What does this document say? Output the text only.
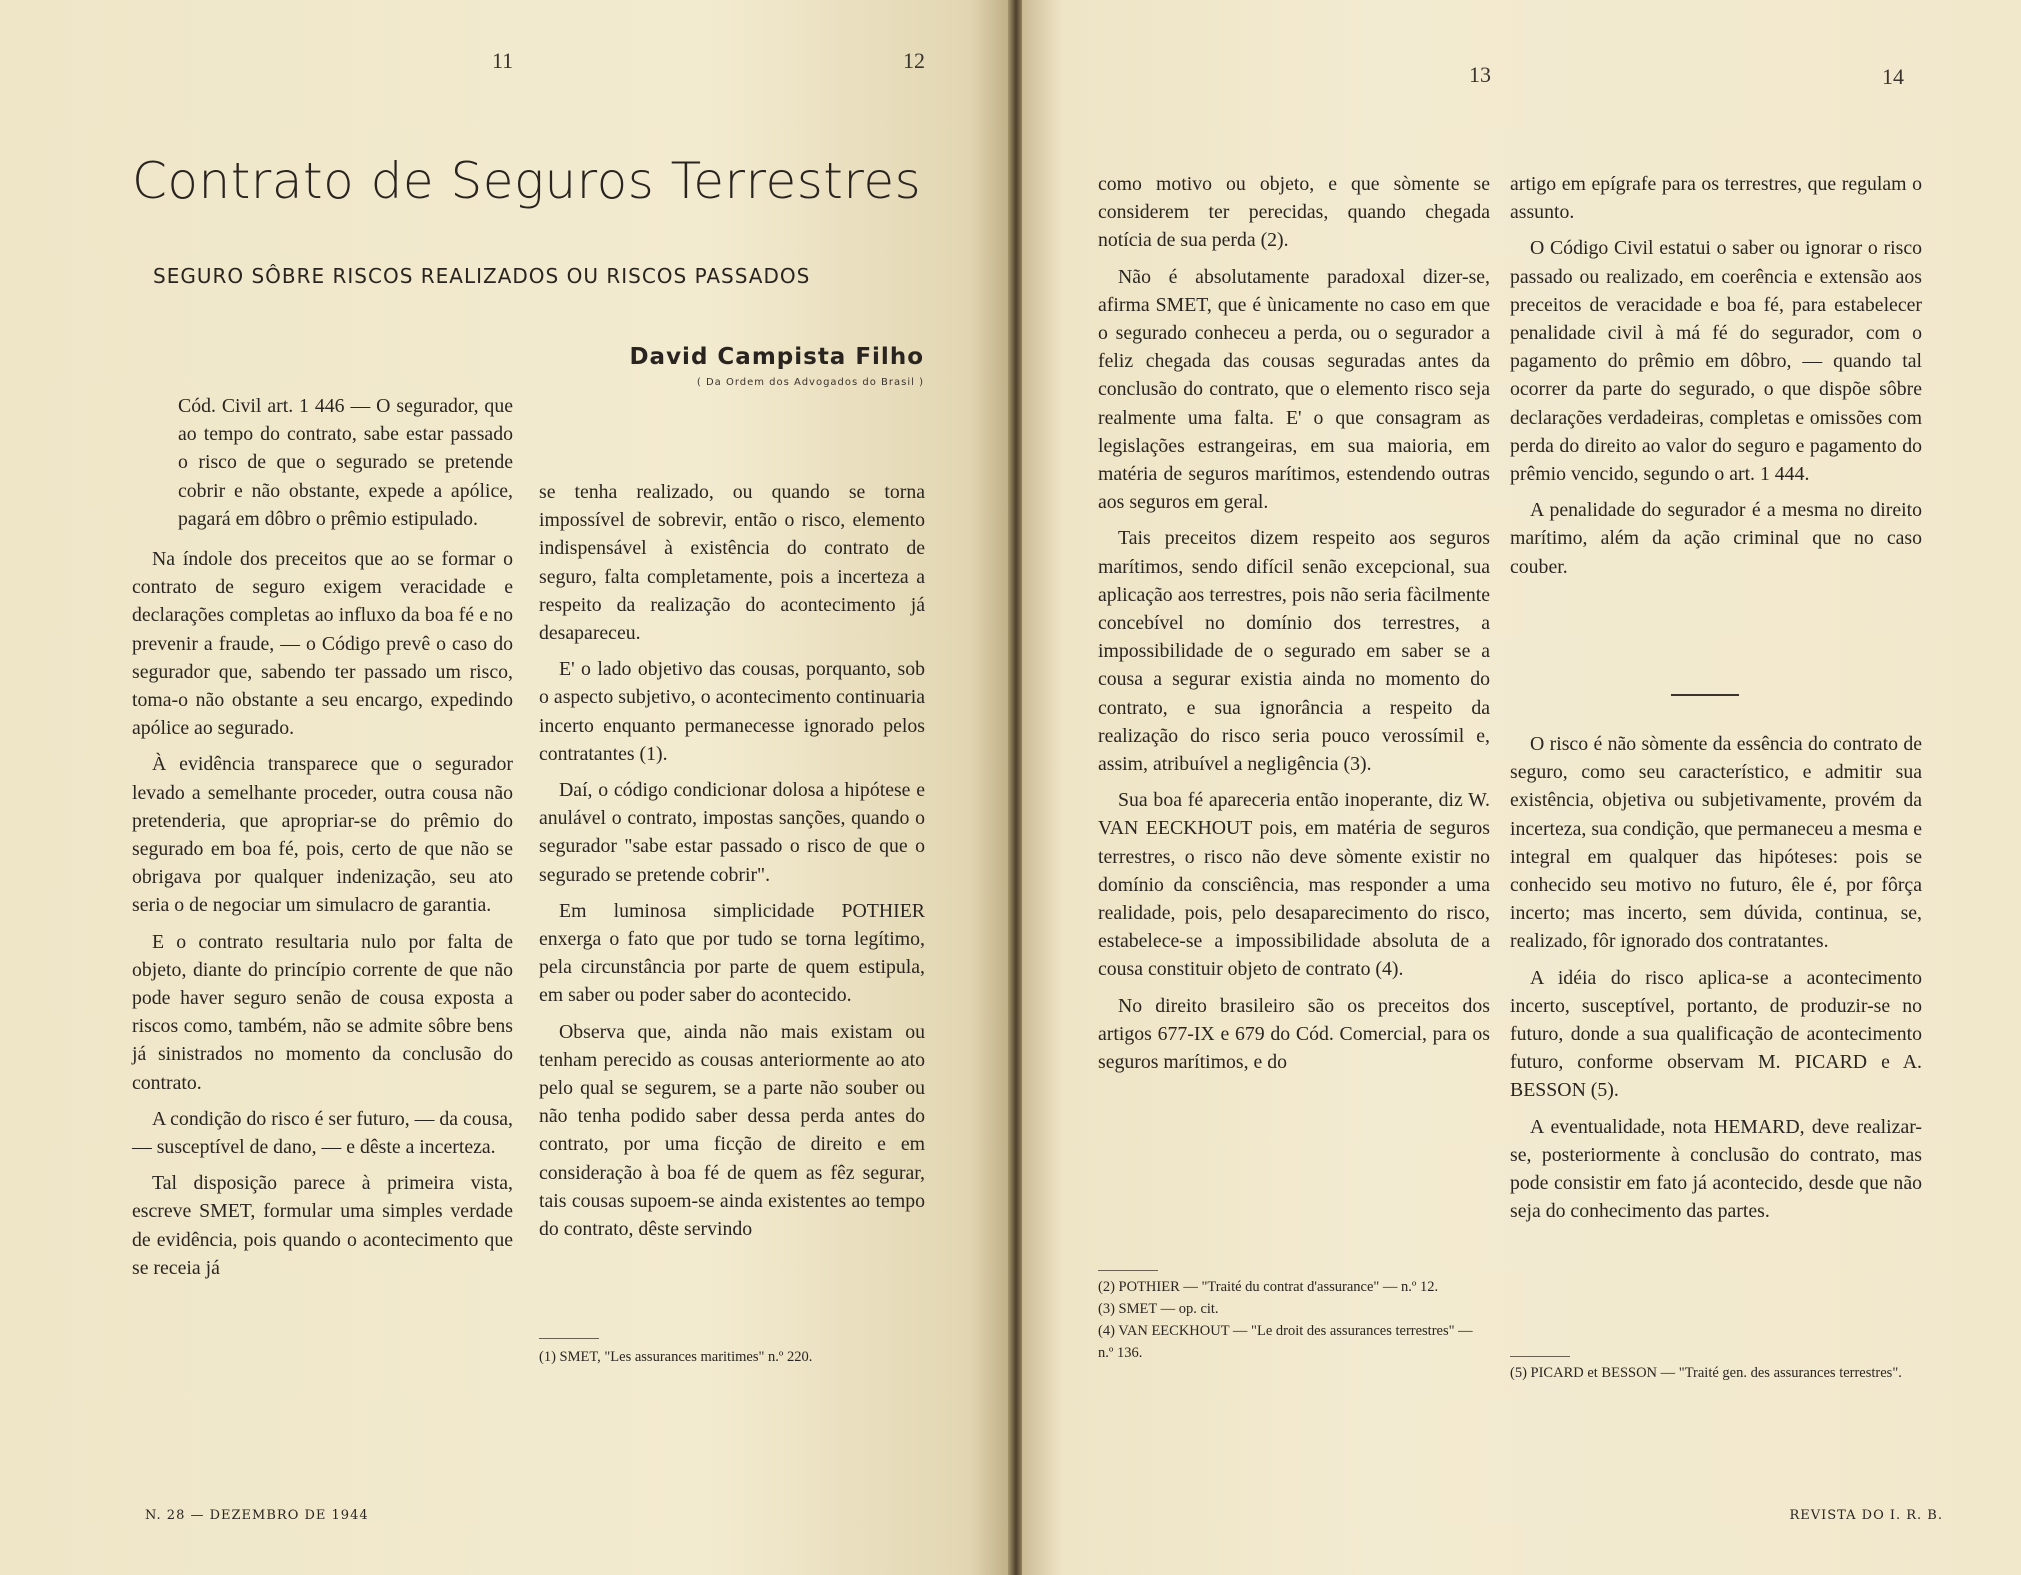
11	12
Contrato de Seguros Terrestres
SEGURO SÔBRE RISCOS REALIZADOS OU RISCOS PASSADOS
David Campista Filho
( Da Ordem dos Advogados do Brasil )

Cód. Civil art. 1 446 — O segurador, que ao tempo do contrato, sabe estar passado o risco de que o segurado se pretende cobrir e não obstante, expede a apólice, pagará em dôbro o prêmio estipulado.

Na índole dos preceitos que ao se formar o contrato de seguro exigem veracidade e declarações completas ao influxo da boa fé e no prevenir a fraude, — o Código prevê o caso do segurador que, sabendo ter passado um risco, toma-o não obstante a seu encargo, expedindo apólice ao segurado.

À evidência transparece que o segurador levado a semelhante proceder, outra cousa não pretenderia, que apropriar-se do prêmio do segurado em boa fé, pois, certo de que não se obrigava por qualquer indenização, seu ato seria o de negociar um simulacro de garantia.

E o contrato resultaria nulo por falta de objeto, diante do princípio corrente de que não pode haver seguro senão de cousa exposta a riscos como, também, não se admite sôbre bens já sinistrados no momento da conclusão do contrato.

A condição do risco é ser futuro, — da cousa, — susceptível de dano, — e dêste a incerteza.

Tal disposição parece à primeira vista, escreve SMET, formular uma simples verdade de evidência, pois quando o acontecimento que se receia já

se tenha realizado, ou quando se torna impossível de sobrevir, então o risco, elemento indispensável à existência do contrato de seguro, falta completamente, pois a incerteza a respeito da realização do acontecimento já desapareceu.

E' o lado objetivo das cousas, porquanto, sob o aspecto subjetivo, o acontecimento continuaria incerto enquanto permanecesse ignorado pelos contratantes (1).

Daí, o código condicionar dolosa a hipótese e anulável o contrato, impostas sanções, quando o segurador "sabe estar passado o risco de que o segurado se pretende cobrir".

Em luminosa simplicidade POTHIER enxerga o fato que por tudo se torna legítimo, pela circunstância por parte de quem estipula, em saber ou poder saber do acontecido.

Observa que, ainda não mais existam ou tenham perecido as cousas anteriormente ao ato pelo qual se segurem, se a parte não souber ou não tenha podido saber dessa perda antes do contrato, por uma ficção de direito e em consideração à boa fé de quem as fêz segurar, tais cousas supoem-se ainda existentes ao tempo do contrato, dêste servindo

(1) SMET, "Les assurances maritimes" n.º 220.

N. 28 — DEZEMBRO DE 1944
13	14

como motivo ou objeto, e que sòmente se considerem ter perecidas, quando chegada notícia de sua perda (2).

Não é absolutamente paradoxal dizer-se, afirma SMET, que é ùnicamente no caso em que o segurado conheceu a perda, ou o segurador a feliz chegada das cousas seguradas antes da conclusão do contrato, que o elemento risco seja realmente uma falta. E' o que consagram as legislações estrangeiras, em sua maioria, em matéria de seguros marítimos, estendendo outras aos seguros em geral.

Tais preceitos dizem respeito aos seguros marítimos, sendo difícil senão excepcional, sua aplicação aos terrestres, pois não seria fàcilmente concebível no domínio dos terrestres, a impossibilidade de o segurado em saber se a cousa a segurar existia ainda no momento do contrato, e sua ignorância a respeito da realização do risco seria pouco verossímil e, assim, atribuível a negligência (3).

Sua boa fé apareceria então inoperante, diz W. VAN EECKHOUT pois, em matéria de seguros terrestres, o risco não deve sòmente existir no domínio da consciência, mas responder a uma realidade, pois, pelo desaparecimento do risco, estabelece-se a impossibilidade absoluta de a cousa constituir objeto de contrato (4).

No direito brasileiro são os preceitos dos artigos 677-IX e 679 do Cód. Comercial, para os seguros marítimos, e do

(2) POTHIER — "Traité du contrat d'assurance" — n.º 12.

(3) SMET — op. cit.

(4) VAN EECKHOUT — "Le droit des assurances terrestres" — n.º 136.

artigo em epígrafe para os terrestres, que regulam o assunto.

O Código Civil estatui o saber ou ignorar o risco passado ou realizado, em coerência e extensão aos preceitos de veracidade e boa fé, para estabelecer penalidade civil à má fé do segurador, com o pagamento do prêmio em dôbro, — quando tal ocorrer da parte do segurado, o que dispõe sôbre declarações verdadeiras, completas e omissões com perda do direito ao valor do seguro e pagamento do prêmio vencido, segundo o art. 1 444.

A penalidade do segurador é a mesma no direito marítimo, além da ação criminal que no caso couber.

O risco é não sòmente da essência do contrato de seguro, como seu característico, e admitir sua existência, objetiva ou subjetivamente, provém da incerteza, sua condição, que permaneceu a mesma e integral em qualquer das hipóteses: pois se conhecido seu motivo no futuro, êle é, por fôrça incerto; mas incerto, sem dúvida, continua, se, realizado, fôr ignorado dos contratantes.

A idéia do risco aplica-se a acontecimento incerto, susceptível, portanto, de produzir-se no futuro, donde a sua qualificação de acontecimento futuro, conforme observam M. PICARD e A. BESSON (5).

A eventualidade, nota HEMARD, deve realizar-se, posteriormente à conclusão do contrato, mas pode consistir em fato já acontecido, desde que não seja do conhecimento das partes.

(5) PICARD et BESSON — "Traité gen. des assurances terrestres".

REVISTA DO I. R. B.
